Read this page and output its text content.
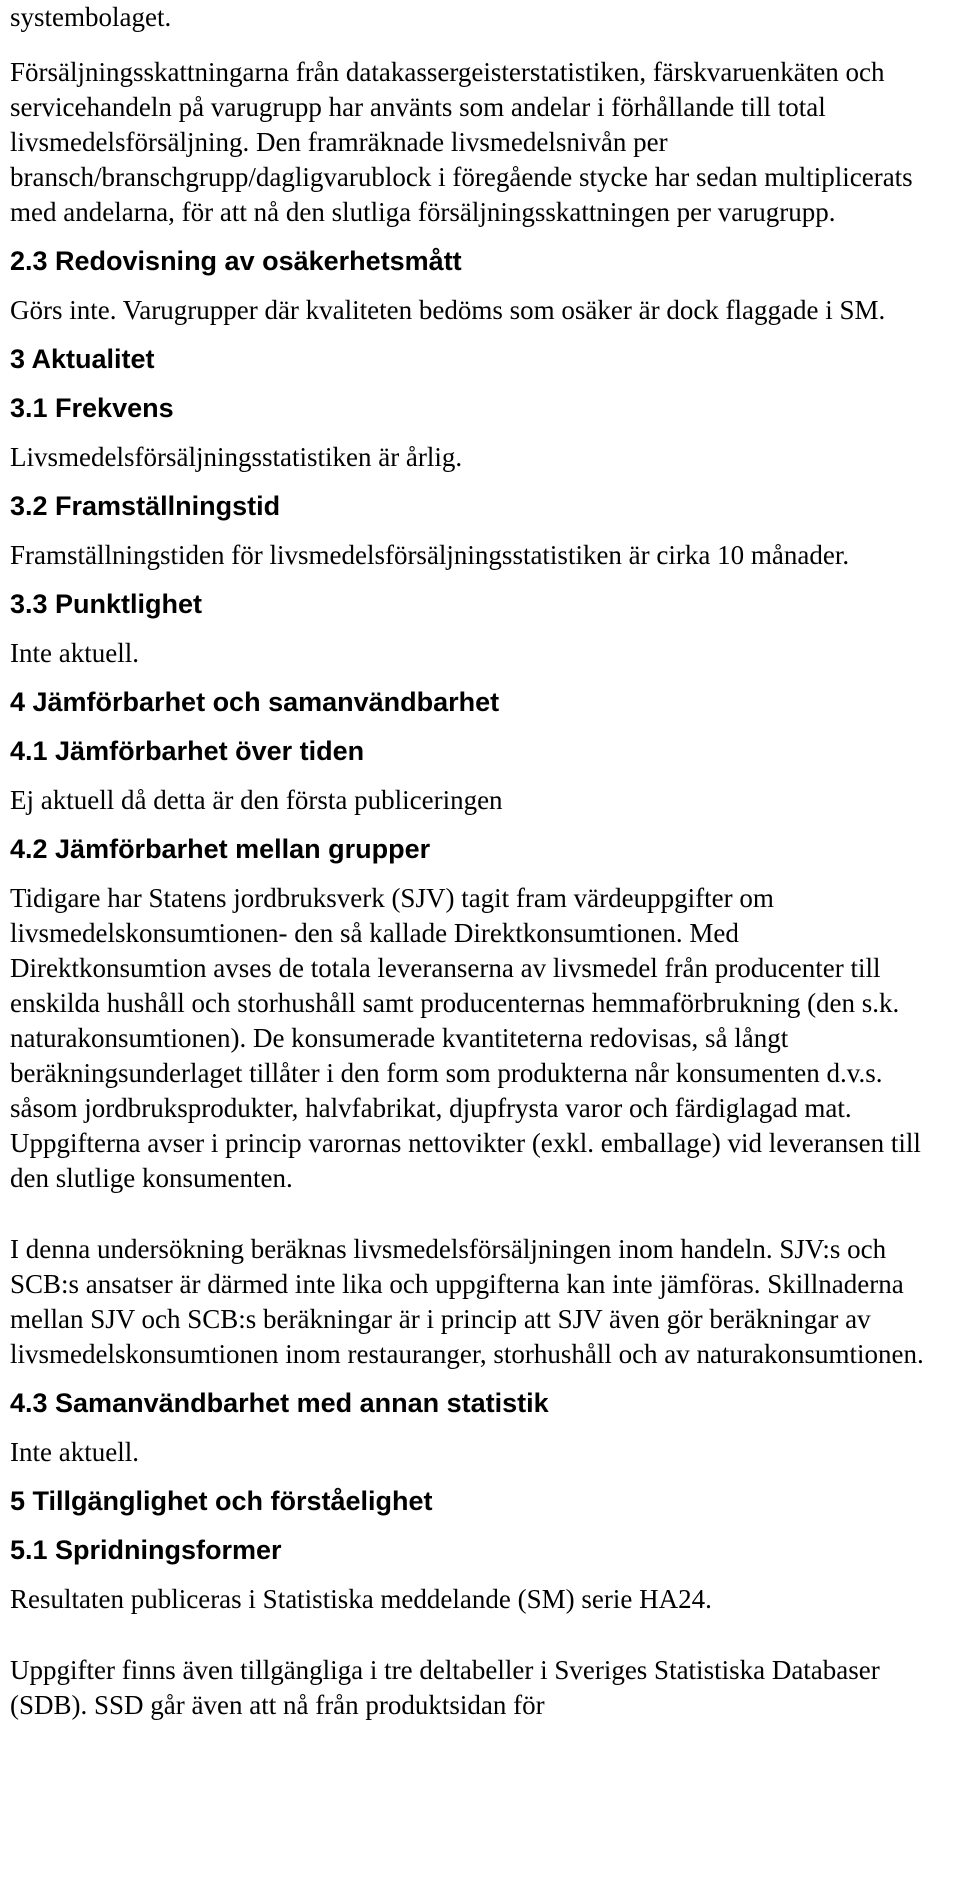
systembolaget.

Försäljningsskattningarna från datakassergeisterstatistiken, färskvaruenkäten och servicehandeln på varugrupp har använts som andelar i förhållande till total livsmedelsförsäljning. Den framräknade livsmedelsnivån per bransch/branschgrupp/dagligvarublock i föregående stycke har sedan multiplicerats med andelarna, för att nå den slutliga försäljningsskattningen per varugrupp.

2.3 Redovisning av osäkerhetsmått

Görs inte. Varugrupper där kvaliteten bedöms som osäker är dock flaggade i SM.

3 Aktualitet
3.1 Frekvens

Livsmedelsförsäljningsstatistiken är årlig.

3.2 Framställningstid

Framställningstiden för livsmedelsförsäljningsstatistiken är cirka 10 månader.

3.3 Punktlighet

Inte aktuell.

4 Jämförbarhet och samanvändbarhet
4.1 Jämförbarhet över tiden

Ej aktuell då detta är den första publiceringen

4.2 Jämförbarhet mellan grupper

Tidigare har Statens jordbruksverk (SJV) tagit fram värdeuppgifter om livsmedelskonsumtionen- den så kallade Direktkonsumtionen. Med Direktkonsumtion avses de totala leveranserna av livsmedel från producenter till enskilda hushåll och storhushåll samt producenternas hemmaförbrukning (den s.k. naturakonsumtionen). De konsumerade kvantiteterna redovisas, så långt beräkningsunderlaget tillåter i den form som produkterna når konsumenten d.v.s. såsom jordbruksprodukter, halvfabrikat, djupfrysta varor och färdiglagad mat. Uppgifterna avser i princip varornas nettovikter (exkl. emballage) vid leveransen till den slutlige konsumenten.

I denna undersökning beräknas livsmedelsförsäljningen inom handeln. SJV:s och SCB:s ansatser är därmed inte lika och uppgifterna kan inte jämföras. Skillnaderna mellan SJV och SCB:s beräkningar är i princip att SJV även gör beräkningar av livsmedelskonsumtionen inom restauranger, storhushåll och av naturakonsumtionen.

4.3 Samanvändbarhet med annan statistik

Inte aktuell.

5 Tillgänglighet och förståelighet
5.1 Spridningsformer

Resultaten publiceras i Statistiska meddelande (SM) serie HA24.

Uppgifter finns även tillgängliga i tre deltabeller i Sveriges Statistiska Databaser (SDB). SSD går även att nå från produktsidan för
